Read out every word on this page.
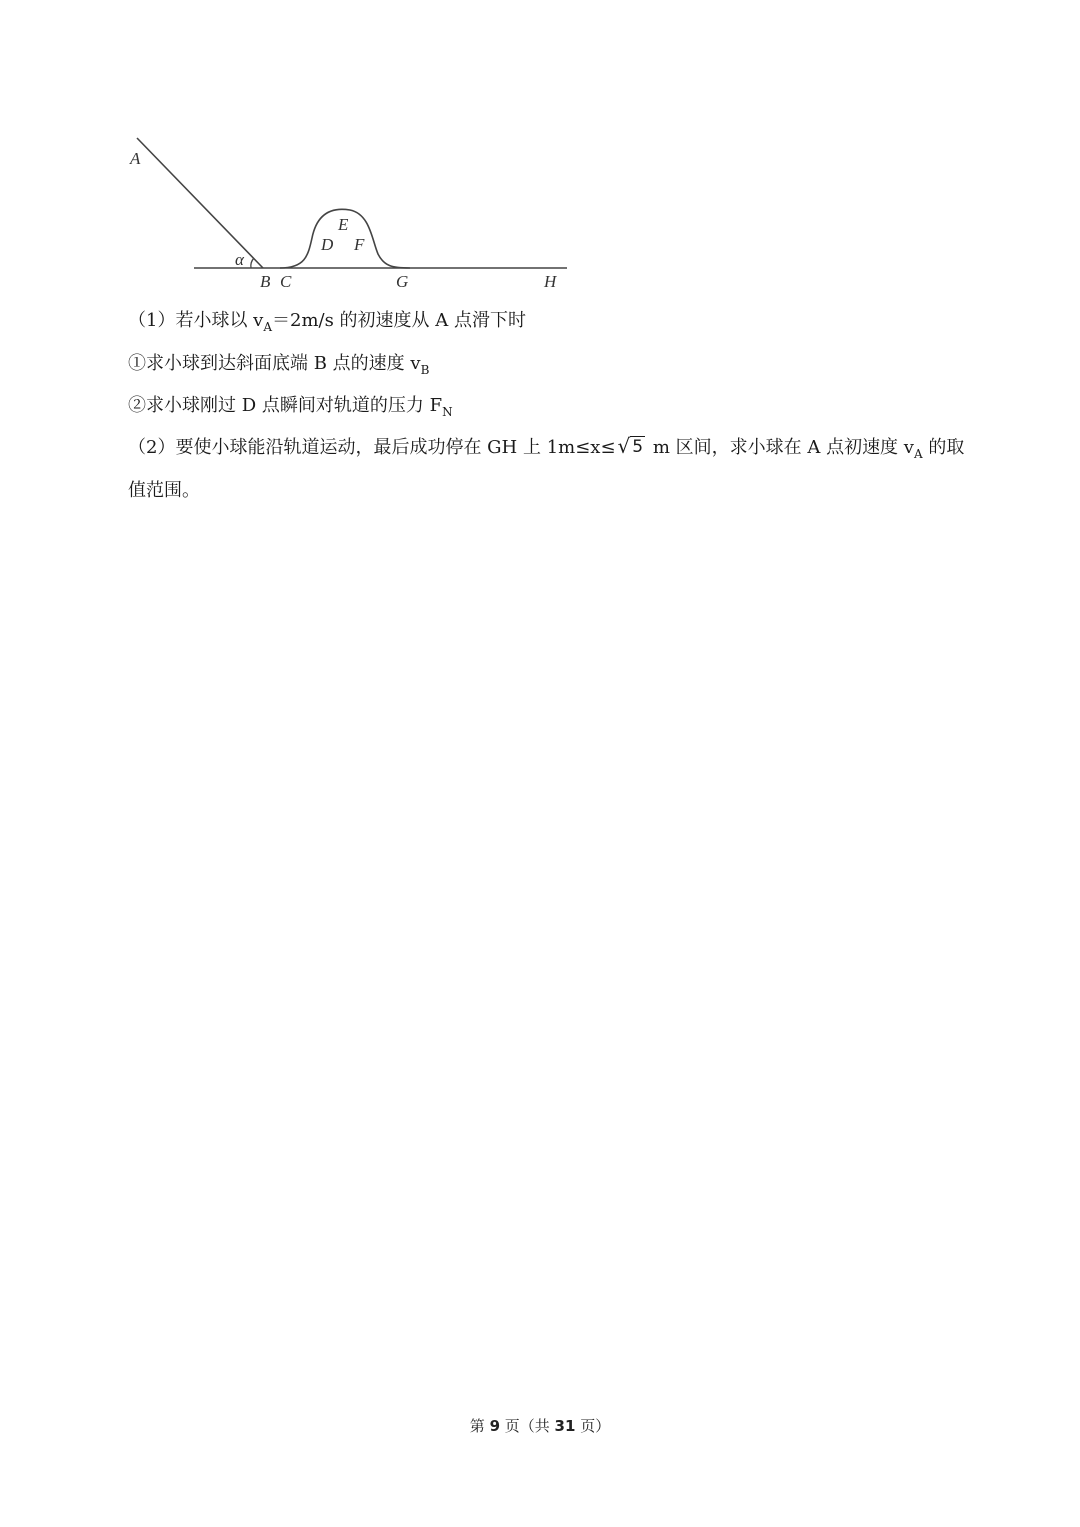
A
α
B C
D
E
F
G	H
（1）若小球以 $v_A=2m/s$ 的初速度从 A 点滑下时
①求小球到达斜面底端 B 点的速度 $v_B$
②求小球刚过 D 点瞬间对轨道的压力 $F_N$
（2）要使小球能沿轨道运动，最后成功停在 GH 上 1m≤x≤ √ 5 m 区间，求小球在 A 点初速度 $v_A$ 的取
值范围。
第 9 页（共 31 页）
